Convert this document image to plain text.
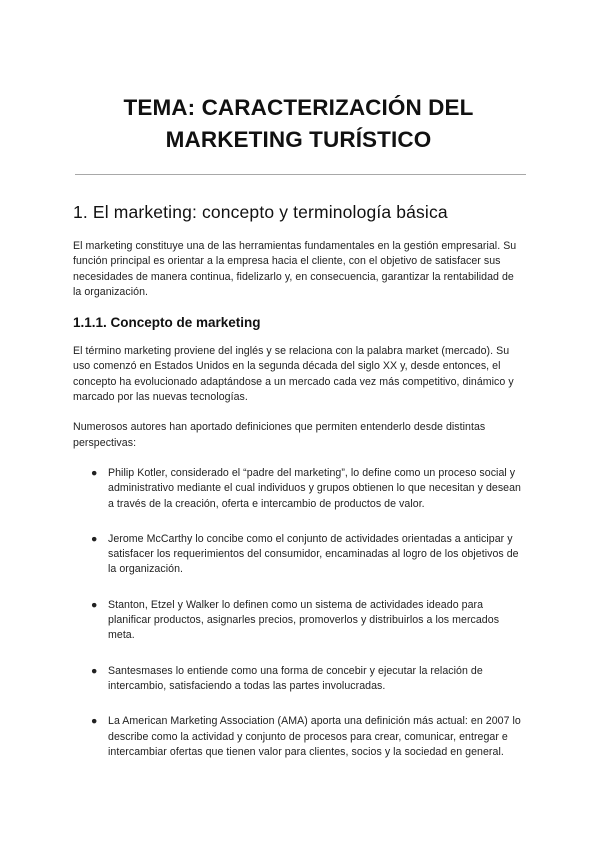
TEMA: CARACTERIZACIÓN DEL
MARKETING TURÍSTICO
1. El marketing: concepto y terminología básica

El marketing constituye una de las herramientas fundamentales en la gestión empresarial. Su función principal es orientar a la empresa hacia el cliente, con el objetivo de satisfacer sus necesidades de manera continua, fidelizarlo y, en consecuencia, garantizar la rentabilidad de la organización.

1.1.1. Concepto de marketing

El término marketing proviene del inglés y se relaciona con la palabra market (mercado). Su uso comenzó en Estados Unidos en la segunda década del siglo XX y, desde entonces, el concepto ha evolucionado adaptándose a un mercado cada vez más competitivo, dinámico y marcado por las nuevas tecnologías.

Numerosos autores han aportado definiciones que permiten entenderlo desde distintas perspectivas:

● Philip Kotler, considerado el “padre del marketing”, lo define como un proceso social y administrativo mediante el cual individuos y grupos obtienen lo que necesitan y desean a través de la creación, oferta e intercambio de productos de valor.
● Jerome McCarthy lo concibe como el conjunto de actividades orientadas a anticipar y satisfacer los requerimientos del consumidor, encaminadas al logro de los objetivos de la organización.
● Stanton, Etzel y Walker lo definen como un sistema de actividades ideado para planificar productos, asignarles precios, promoverlos y distribuirlos a los mercados meta.
● Santesmases lo entiende como una forma de concebir y ejecutar la relación de intercambio, satisfaciendo a todas las partes involucradas.
● La American Marketing Association (AMA) aporta una definición más actual: en 2007 lo describe como la actividad y conjunto de procesos para crear, comunicar, entregar e intercambiar ofertas que tienen valor para clientes, socios y la sociedad en general.
